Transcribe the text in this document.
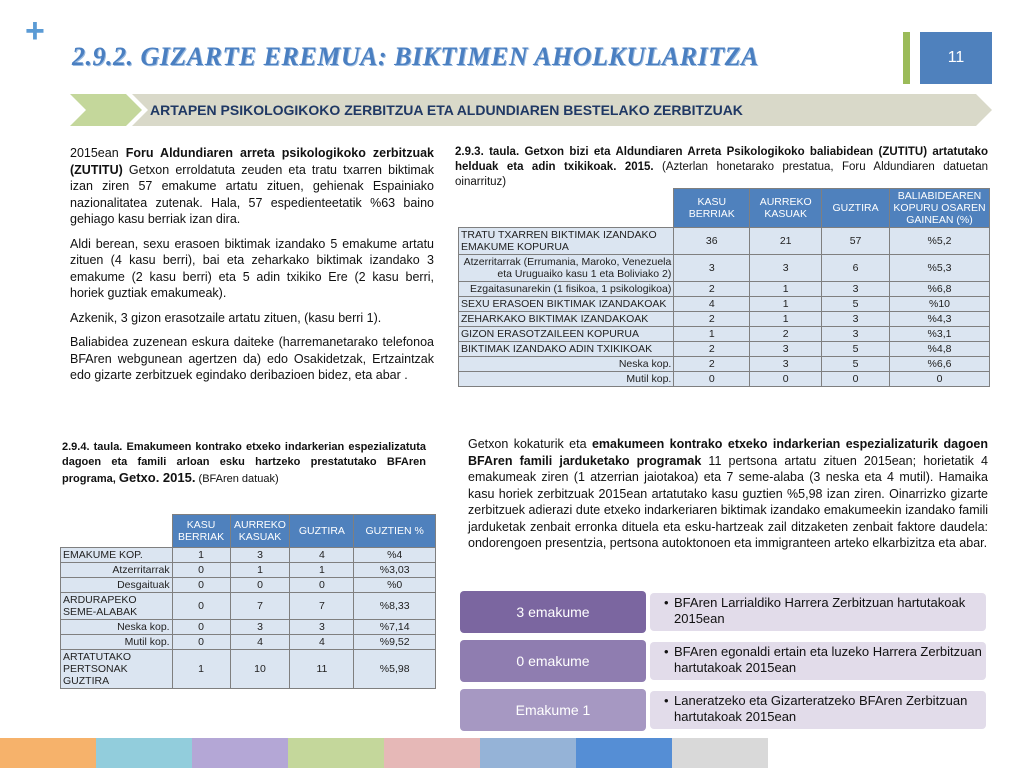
+
2.9.2. GIZARTE EREMUA: BIKTIMEN AHOLKULARITZA	11
ARTAPEN PSIKOLOGIKOKO ZERBITZUA ETA ALDUNDIAREN BESTELAKO ZERBITZUAK

2015ean Foru Aldundiaren arreta psikologikoko zerbitzuak (ZUTITU) Getxon erroldatuta zeuden eta tratu txarren biktimak izan ziren 57 emakume artatu zituen, gehienak Espainiako nazionalitatea zutenak. Hala, 57 espedienteetatik %63 baino gehiago kasu berriak izan dira.

Aldi berean, sexu erasoen biktimak izandako 5 emakume artatu zituen (4 kasu berri), bai eta zeharkako biktimak izandako 3 emakume (2 kasu berri) eta 5 adin txikiko Ere (2 kasu berri, horiek guztiak emakumeak).

Azkenik, 3 gizon erasotzaile artatu zituen, (kasu berri 1).

Baliabidea zuzenean eskura daiteke (harremanetarako telefonoa BFAren webgunean agertzen da) edo Osakidetzak, Ertzaintzak edo gizarte zerbitzuek egindako deribazioen bidez, eta abar .

2.9.3. taula. Getxon bizi eta Aldundiaren Arreta Psikologikoko baliabidean (ZUTITU) artatutako helduak eta adin txikikoak. 2015. (Azterlan honetarako prestatua, Foru Aldundiaren datuetan oinarrituz)
	KASU BERRIAK	AURREKO KASUAK	GUZTIRA	BALIABIDEAREN KOPURU OSAREN GAINEAN (%)
TRATU TXARREN BIKTIMAK IZANDAKO EMAKUME KOPURUA	36	21	57	%5,2
Atzerritarrak (Errumania, Maroko, Venezuela eta Uruguaiko kasu 1 eta Boliviako 2)	3	3	6	%5,3
Ezgaitasunarekin (1 fisikoa, 1 psikologikoa)	2	1	3	%6,8
SEXU ERASOEN BIKTIMAK IZANDAKOAK	4	1	5	%10
ZEHARKAKO BIKTIMAK IZANDAKOAK	2	1	3	%4,3
GIZON ERASOTZAILEEN KOPURUA	1	2	3	%3,1
BIKTIMAK IZANDAKO ADIN TXIKIKOAK	2	3	5	%4,8
Neska kop.	2	3	5	%6,6
Mutil kop.	0	0	0	0
2.9.4. taula. Emakumeen kontrako etxeko indarkerian espezializatuta dagoen eta famili arloan esku hartzeko prestatutako BFAren programa, Getxo. 2015. (BFAren datuak)
	KASU BERRIAK	AURREKO KASUAK	GUZTIRA	GUZTIEN %
EMAKUME KOP.	1	3	4	%4
Atzerritarrak	0	1	1	%3,03
Desgaituak	0	0	0	%0
ARDURAPEKO SEME-ALABAK	0	7	7	%8,33
Neska kop.	0	3	3	%7,14
Mutil kop.	0	4	4	%9,52
ARTATUTAKO PERTSONAK GUZTIRA	1	10	11	%5,98
Getxon kokaturik eta emakumeen kontrako etxeko indarkerian espezializaturik dagoen BFAren famili jarduketako programak 11 pertsona artatu zituen 2015ean; horietatik 4 emakumeak ziren (1 atzerrian jaiotakoa) eta 7 seme-alaba (3 neska eta 4 mutil). Hamaika kasu horiek zerbitzuak 2015ean artatutako kasu guztien %5,98 izan ziren. Oinarrizko gizarte zerbitzuek adierazi dute etxeko indarkeriaren biktimak izandako emakumeekin izandako famili jarduketak zenbait erronka dituela eta esku-hartzeak zail ditzaketen zenbait faktore daudela: ondorengoen presentzia, pertsona autoktonoen eta immigranteen arteko elkarbizitza eta abar.
3 emakume
• BFAren Larrialdiko Harrera Zerbitzuan hartutakoak 2015ean
0 emakume
• BFAren egonaldi ertain eta luzeko Harrera Zerbitzuan hartutakoak 2015ean
Emakume 1
• Laneratzeko eta Gizarteratzeko BFAren Zerbitzuan hartutakoak 2015ean
